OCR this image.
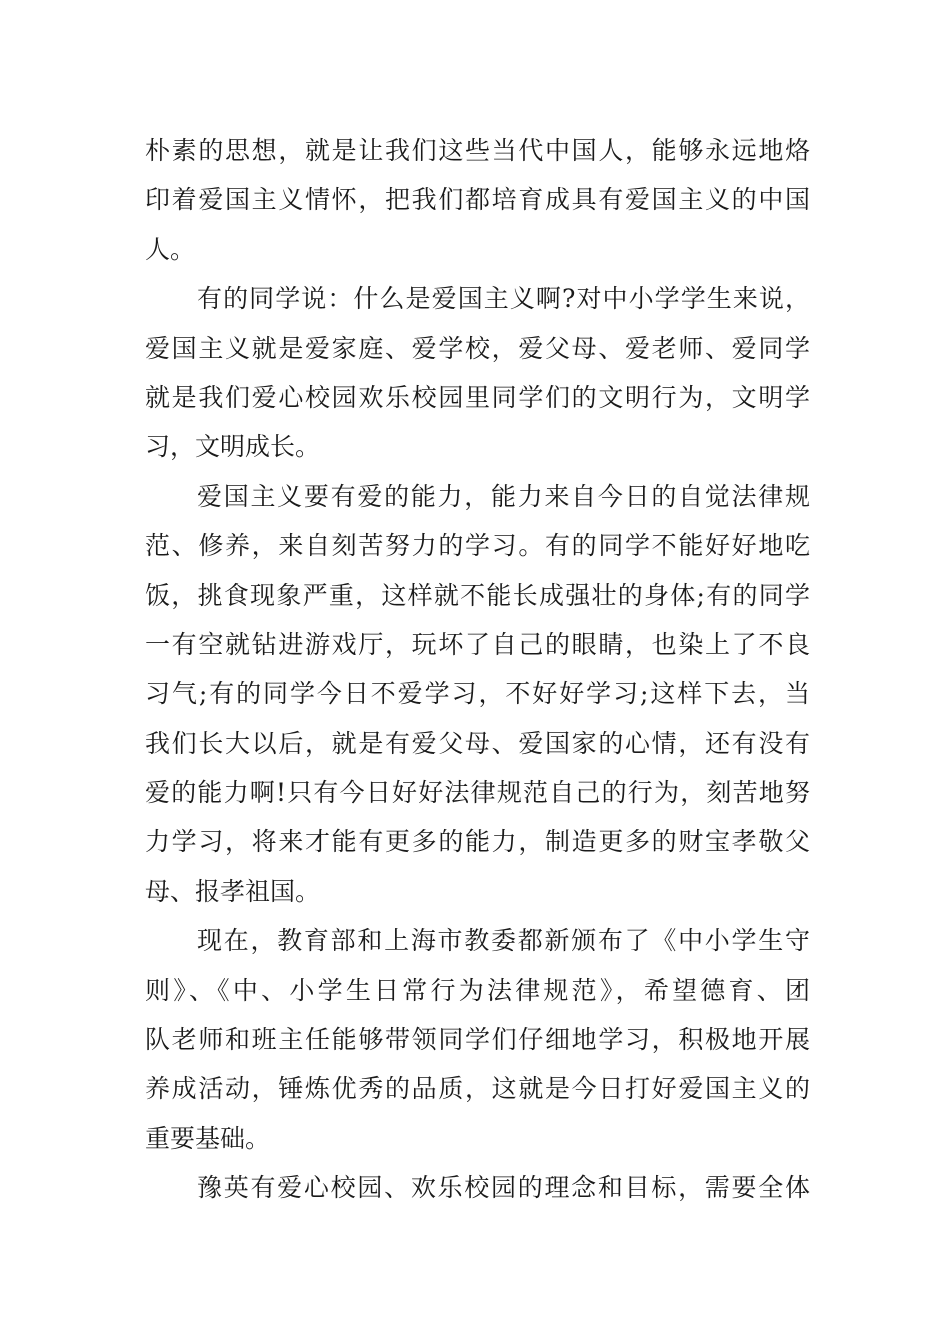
朴素的思想，就是让我们这些当代中国人，能够永远地烙
印着爱国主义情怀，把我们都培育成具有爱国主义的中国
人。
有的同学说：什么是爱国主义啊?对中小学学生来说，
爱国主义就是爱家庭、爱学校，爱父母、爱老师、爱同学
就是我们爱心校园欢乐校园里同学们的文明行为，文明学
习，文明成长。
爱国主义要有爱的能力，能力来自今日的自觉法律规
范、修养，来自刻苦努力的学习。有的同学不能好好地吃
饭，挑食现象严重，这样就不能长成强壮的身体;有的同学
一有空就钻进游戏厅，玩坏了自己的眼睛，也染上了不良
习气;有的同学今日不爱学习，不好好学习;这样下去，当
我们长大以后，就是有爱父母、爱国家的心情，还有没有
爱的能力啊!只有今日好好法律规范自己的行为，刻苦地努
力学习，将来才能有更多的能力，制造更多的财宝孝敬父
母、报孝祖国。
现在，教育部和上海市教委都新颁布了《中小学生守
则》、《中、小学生日常行为法律规范》，希望德育、团
队老师和班主任能够带领同学们仔细地学习，积极地开展
养成活动，锤炼优秀的品质，这就是今日打好爱国主义的
重要基础。
豫英有爱心校园、欢乐校园的理念和目标，需要全体
